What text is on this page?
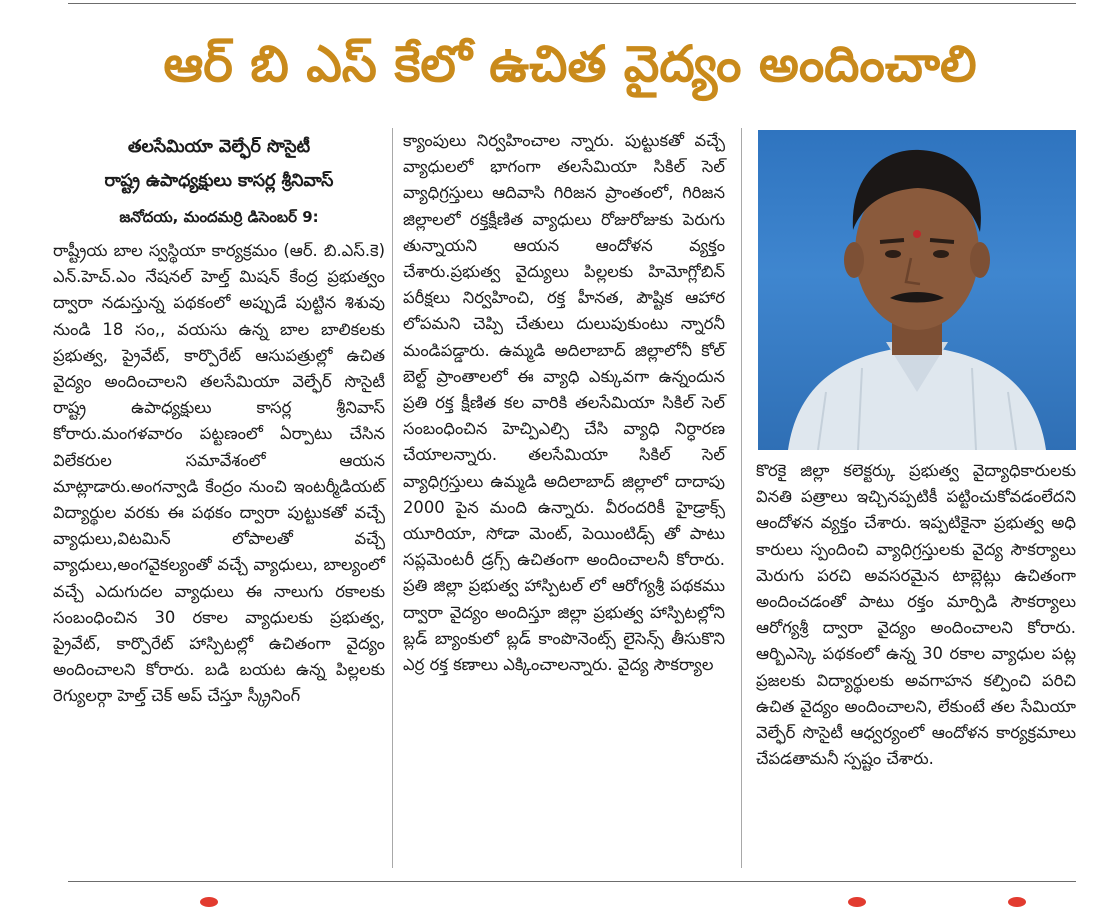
ఆర్ బి ఎస్ కేలో ఉచిత వైద్యం అందించాలి
తలసేమియా వెల్ఫేర్ సొసైటీ
రాష్ట్ర ఉపాధ్యక్షులు కాసర్ల శ్రీనివాస్
జనోదయ, మందమర్రి డిసెంబర్ 9:

రాష్ట్రీయ బాల స్వస్థియా కార్యక్రమం (ఆర్. బి.ఎస్.కె) ఎన్.హెచ్.ఎం నేషనల్ హెల్త్ మిషన్ కేంద్ర ప్రభుత్వం ద్వారా నడుస్తున్న పథకంలో అప్పుడే పుట్టిన శిశువు నుండి 18 సం,, వయసు ఉన్న బాల బాలికలకు ప్రభుత్వ, ప్రైవేట్, కార్పొరేట్ ఆసుపత్రుల్లో ఉచిత వైద్యం అందించాలని తలసేమియా వెల్ఫేర్ సొసైటీ రాష్ట్ర ఉపాధ్యక్షులు కాసర్ల శ్రీనివాస్ కోరారు.మంగళవారం పట్టణంలో ఏర్పాటు చేసిన విలేకరుల సమావేశంలో ఆయన మాట్లాడారు.అంగన్వాడి కేంద్రం నుంచి ఇంటర్మీడియట్ విద్యార్థుల వరకు ఈ పథకం ద్వారా పుట్టుకతో వచ్చే వ్యాధులు,విటమిన్ లోపాలతో వచ్చే వ్యాధులు,అంగవైకల్యంతో వచ్చే వ్యాధులు, బాల్యంలో వచ్చే ఎదుగుదల వ్యాధులు ఈ నాలుగు రకాలకు సంబంధించిన 30 రకాల వ్యాధులకు ప్రభుత్వ, ప్రైవేట్, కార్పొరేట్ హాస్పిటల్లో ఉచితంగా వైద్యం అందించాలని కోరారు. బడి బయట ఉన్న పిల్లలకు రెగ్యులర్గా హెల్త్ చెక్ అప్ చేస్తూ స్క్రీనింగ్

క్యాంపులు నిర్వహించాల న్నారు. పుట్టుకతో వచ్చే వ్యాధులలో భాగంగా తలసేమియా సికిల్ సెల్ వ్యాధిగ్రస్తులు ఆదివాసి గిరిజన ప్రాంతంలో, గిరిజన జిల్లాలలో రక్తక్షీణిత వ్యాధులు రోజురోజుకు పెరుగు తున్నాయని ఆయన ఆందోళన వ్యక్తం చేశారు.ప్రభుత్వ వైద్యులు పిల్లలకు హిమోగ్లోబిన్ పరీక్షలు నిర్వహించి, రక్త హీనత, పౌష్టిక ఆహార లోపమని చెప్పి చేతులు దులుపుకుంటు న్నారనీ మండిపడ్డారు. ఉమ్మడి అదిలాబాద్ జిల్లాలోనీ కోల్ బెల్ట్ ప్రాంతాలలో ఈ వ్యాధి ఎక్కువగా ఉన్నందున ప్రతి రక్త క్షీణిత కల వారికి తలసేమియా సికిల్ సెల్ సంబంధించిన హెచ్పిఎల్సి చేసి వ్యాధి నిర్ధారణ చేయాలన్నారు. తలసేమియా సికిల్ సెల్ వ్యాధిగ్రస్తులు ఉమ్మడి అదిలాబాద్ జిల్లాలో దాదాపు 2000 పైన మంది ఉన్నారు. వీరందరికీ హైడ్రాక్స్ యూరియా, సోడా మెంట్, పెయింటిడ్స్ తో పాటు సప్లమెంటరీ డ్రగ్స్ ఉచితంగా అందించాలనీ కోరారు. ప్రతి జిల్లా ప్రభుత్వ హాస్పిటల్ లో ఆరోగ్యశ్రీ పథకము ద్వారా వైద్యం అందిస్తూ జిల్లా ప్రభుత్వ హాస్పిటల్లోని బ్లడ్ బ్యాంకులో బ్లడ్ కాంపొనెంట్స్ లైసెన్స్ తీసుకొని ఎర్ర రక్త కణాలు ఎక్కించాలన్నారు. వైద్య సౌకర్యాల

కొరకై జిల్లా కలెక్టర్కు ప్రభుత్వ వైద్యాధికారులకు వినతి పత్రాలు ఇచ్చినప్పటికీ పట్టించుకోవడంలేదని ఆందోళన వ్యక్తం చేశారు. ఇప్పటికైనా ప్రభుత్వ అధి కారులు స్పందించి వ్యాధిగ్రస్తులకు వైద్య సౌకర్యాలు మెరుగు పరచి అవసరమైన టాబ్లెట్లు ఉచితంగా అందించడంతో పాటు రక్తం మార్పిడి సౌకర్యాలు ఆరోగ్యశ్రీ ద్వారా వైద్యం అందించాలని కోరారు. ఆర్బిఎస్కె పథకంలో ఉన్న 30 రకాల వ్యాధుల పట్ల ప్రజలకు విద్యార్థులకు అవగాహన కల్పించి పరిచి ఉచిత వైద్యం అందించాలని, లేకుంటే తల సేమియా వెల్ఫేర్ సొసైటీ ఆధ్వర్యంలో ఆందోళన కార్యక్రమాలు చేపడతామనీ స్పష్టం చేశారు.
